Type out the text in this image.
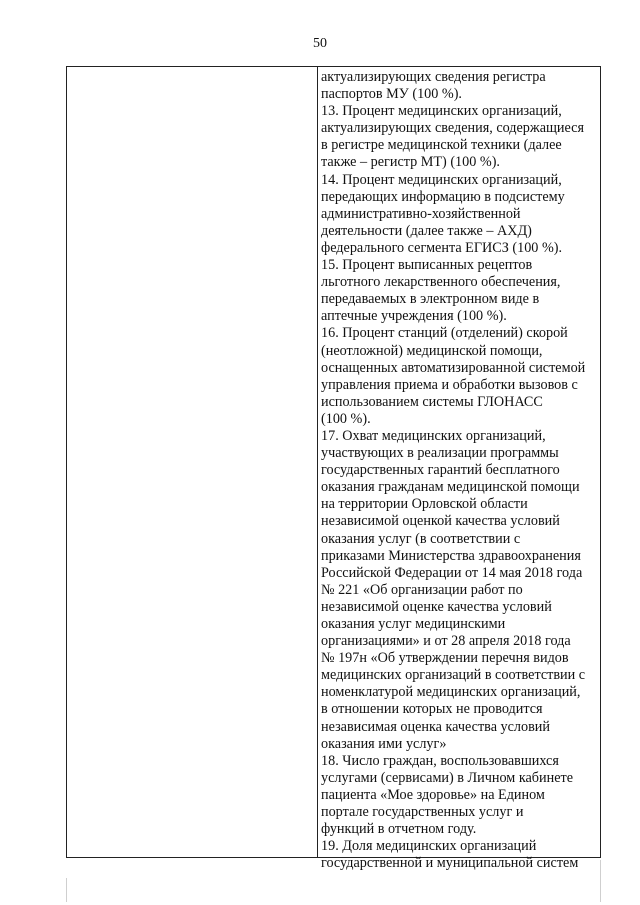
50
актуализирующих сведения регистра
паспортов МУ (100 %).
13. Процент медицинских организаций,
актуализирующих сведения, содержащиеся
в регистре медицинской техники (далее
также – регистр МТ) (100 %).
14. Процент медицинских организаций,
передающих информацию в подсистему
административно-хозяйственной
деятельности (далее также – АХД)
федерального сегмента ЕГИСЗ (100 %).
15. Процент выписанных рецептов
льготного лекарственного обеспечения,
передаваемых в электронном виде в
аптечные учреждения (100 %).
16. Процент станций (отделений) скорой
(неотложной) медицинской помощи,
оснащенных автоматизированной системой
управления приема и обработки вызовов с
использованием системы ГЛОНАСС
(100 %).
17. Охват медицинских организаций,
участвующих в реализации программы
государственных гарантий бесплатного
оказания гражданам медицинской помощи
на территории Орловской области
независимой оценкой качества условий
оказания услуг (в соответствии с
приказами Министерства здравоохранения
Российской Федерации от 14 мая 2018 года
№ 221 «Об организации работ по
независимой оценке качества условий
оказания услуг медицинскими
организациями» и от 28 апреля 2018 года
№ 197н «Об утверждении перечня видов
медицинских организаций в соответствии с
номенклатурой медицинских организаций,
в отношении которых не проводится
независимая оценка качества условий
оказания ими услуг»
18. Число граждан, воспользовавшихся
услугами (сервисами) в Личном кабинете
пациента «Мое здоровье» на Едином
портале государственных услуг и
функций в отчетном году.
19. Доля медицинских организаций
государственной и муниципальной систем
